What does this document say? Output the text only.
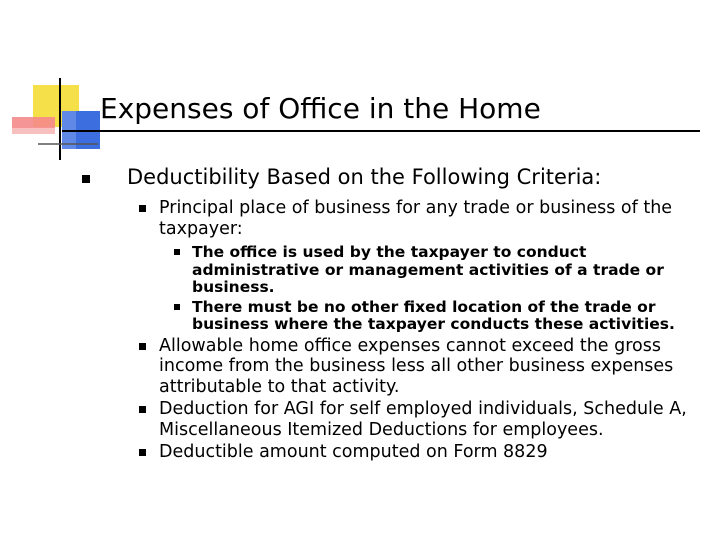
Expenses of Office in the Home
Deductibility Based on the Following Criteria:
Principal place of business for any trade or business of the taxpayer:
The office is used by the taxpayer to conduct administrative or management activities of a trade or business.
There must be no other fixed location of the trade or business where the taxpayer conducts these activities.
Allowable home office expenses cannot exceed the gross income from the business less all other business expenses attributable to that activity.
Deduction for AGI for self employed individuals, Schedule A, Miscellaneous Itemized Deductions for employees.
Deductible amount computed on Form 8829
